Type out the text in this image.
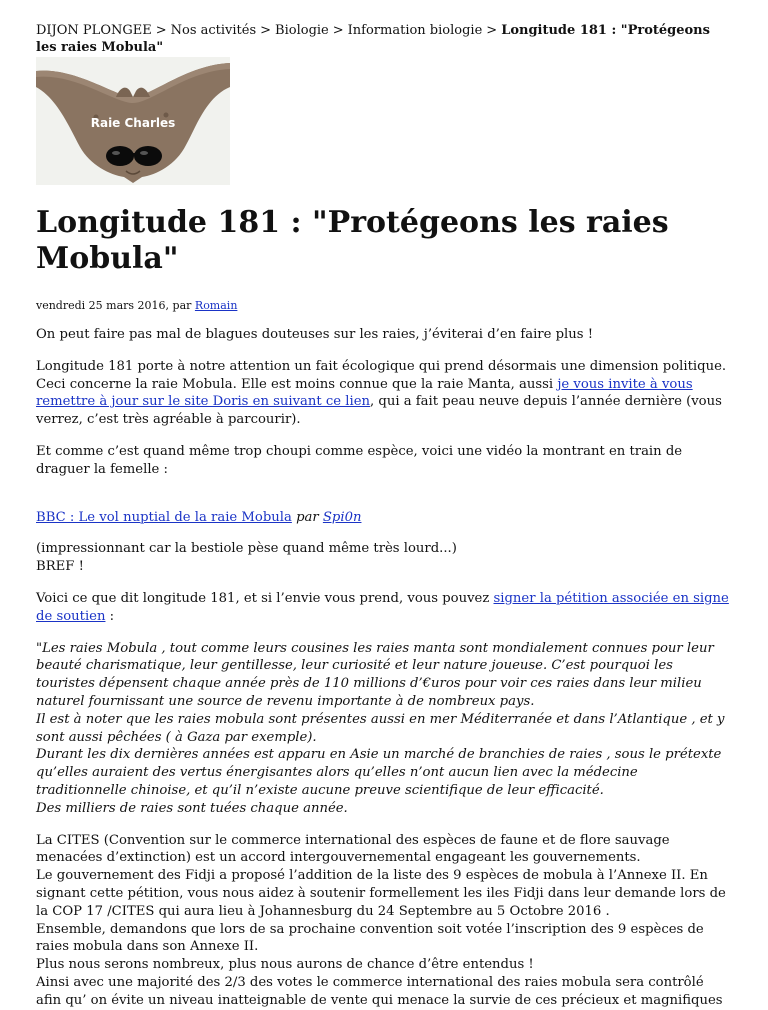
DIJON PLONGEE > Nos activités > Biologie > Information biologie > Longitude 181 : "Protégeons les raies Mobula"
Raie Charles
Longitude 181 : "Protégeons les raies Mobula"
vendredi 25 mars 2016, par Romain

On peut faire pas mal de blagues douteuses sur les raies, j’éviterai d’en faire plus !

Longitude 181 porte à notre attention un fait écologique qui prend désormais une dimension politique. Ceci concerne la raie Mobula. Elle est moins connue que la raie Manta, aussi je vous invite à vous remettre à jour sur le site Doris en suivant ce lien, qui a fait peau neuve depuis l’année dernière (vous verrez, c’est très agréable à parcourir).

Et comme c’est quand même trop choupi comme espèce, voici une vidéo la montrant en train de draguer la femelle :

BBC : Le vol nuptial de la raie Mobula par Spi0n

(impressionnant car la bestiole pèse quand même très lourd...)
BREF !

Voici ce que dit longitude 181, et si l’envie vous prend, vous pouvez signer la pétition associée en signe de soutien :

"Les raies Mobula , tout comme leurs cousines les raies manta sont mondialement connues pour leur beauté charismatique, leur gentillesse, leur curiosité et leur nature joueuse. C’est pourquoi les touristes dépensent chaque année près de 110 millions d’€uros pour voir ces raies dans leur milieu naturel fournissant une source de revenu importante à de nombreux pays.
Il est à noter que les raies mobula sont présentes aussi en mer Méditerranée et dans l’Atlantique , et y sont aussi pêchées ( à Gaza par exemple).
Durant les dix dernières années est apparu en Asie un marché de branchies de raies , sous le prétexte qu’elles auraient des vertus énergisantes alors qu’elles n’ont aucun lien avec la médecine traditionnelle chinoise, et qu’il n’existe aucune preuve scientifique de leur efficacité.
Des milliers de raies sont tuées chaque année.

La CITES (Convention sur le commerce international des espèces de faune et de flore sauvage menacées d’extinction) est un accord intergouvernemental engageant les gouvernements.
Le gouvernement des Fidji a proposé l’addition de la liste des 9 espèces de mobula à l’Annexe II. En signant cette pétition, vous nous aidez à soutenir formellement les iles Fidji dans leur demande lors de la COP 17 /CITES qui aura lieu à Johannesburg du 24 Septembre au 5 Octobre 2016 .
Ensemble, demandons que lors de sa prochaine convention soit votée l’inscription des 9 espèces de raies mobula dans son Annexe II.
Plus nous serons nombreux, plus nous aurons de chance d’être entendus !
Ainsi avec une majorité des 2/3 des votes le commerce international des raies mobula sera contrôlé afin qu’ on évite un niveau inatteignable de vente qui menace la survie de ces précieux et magnifiques
